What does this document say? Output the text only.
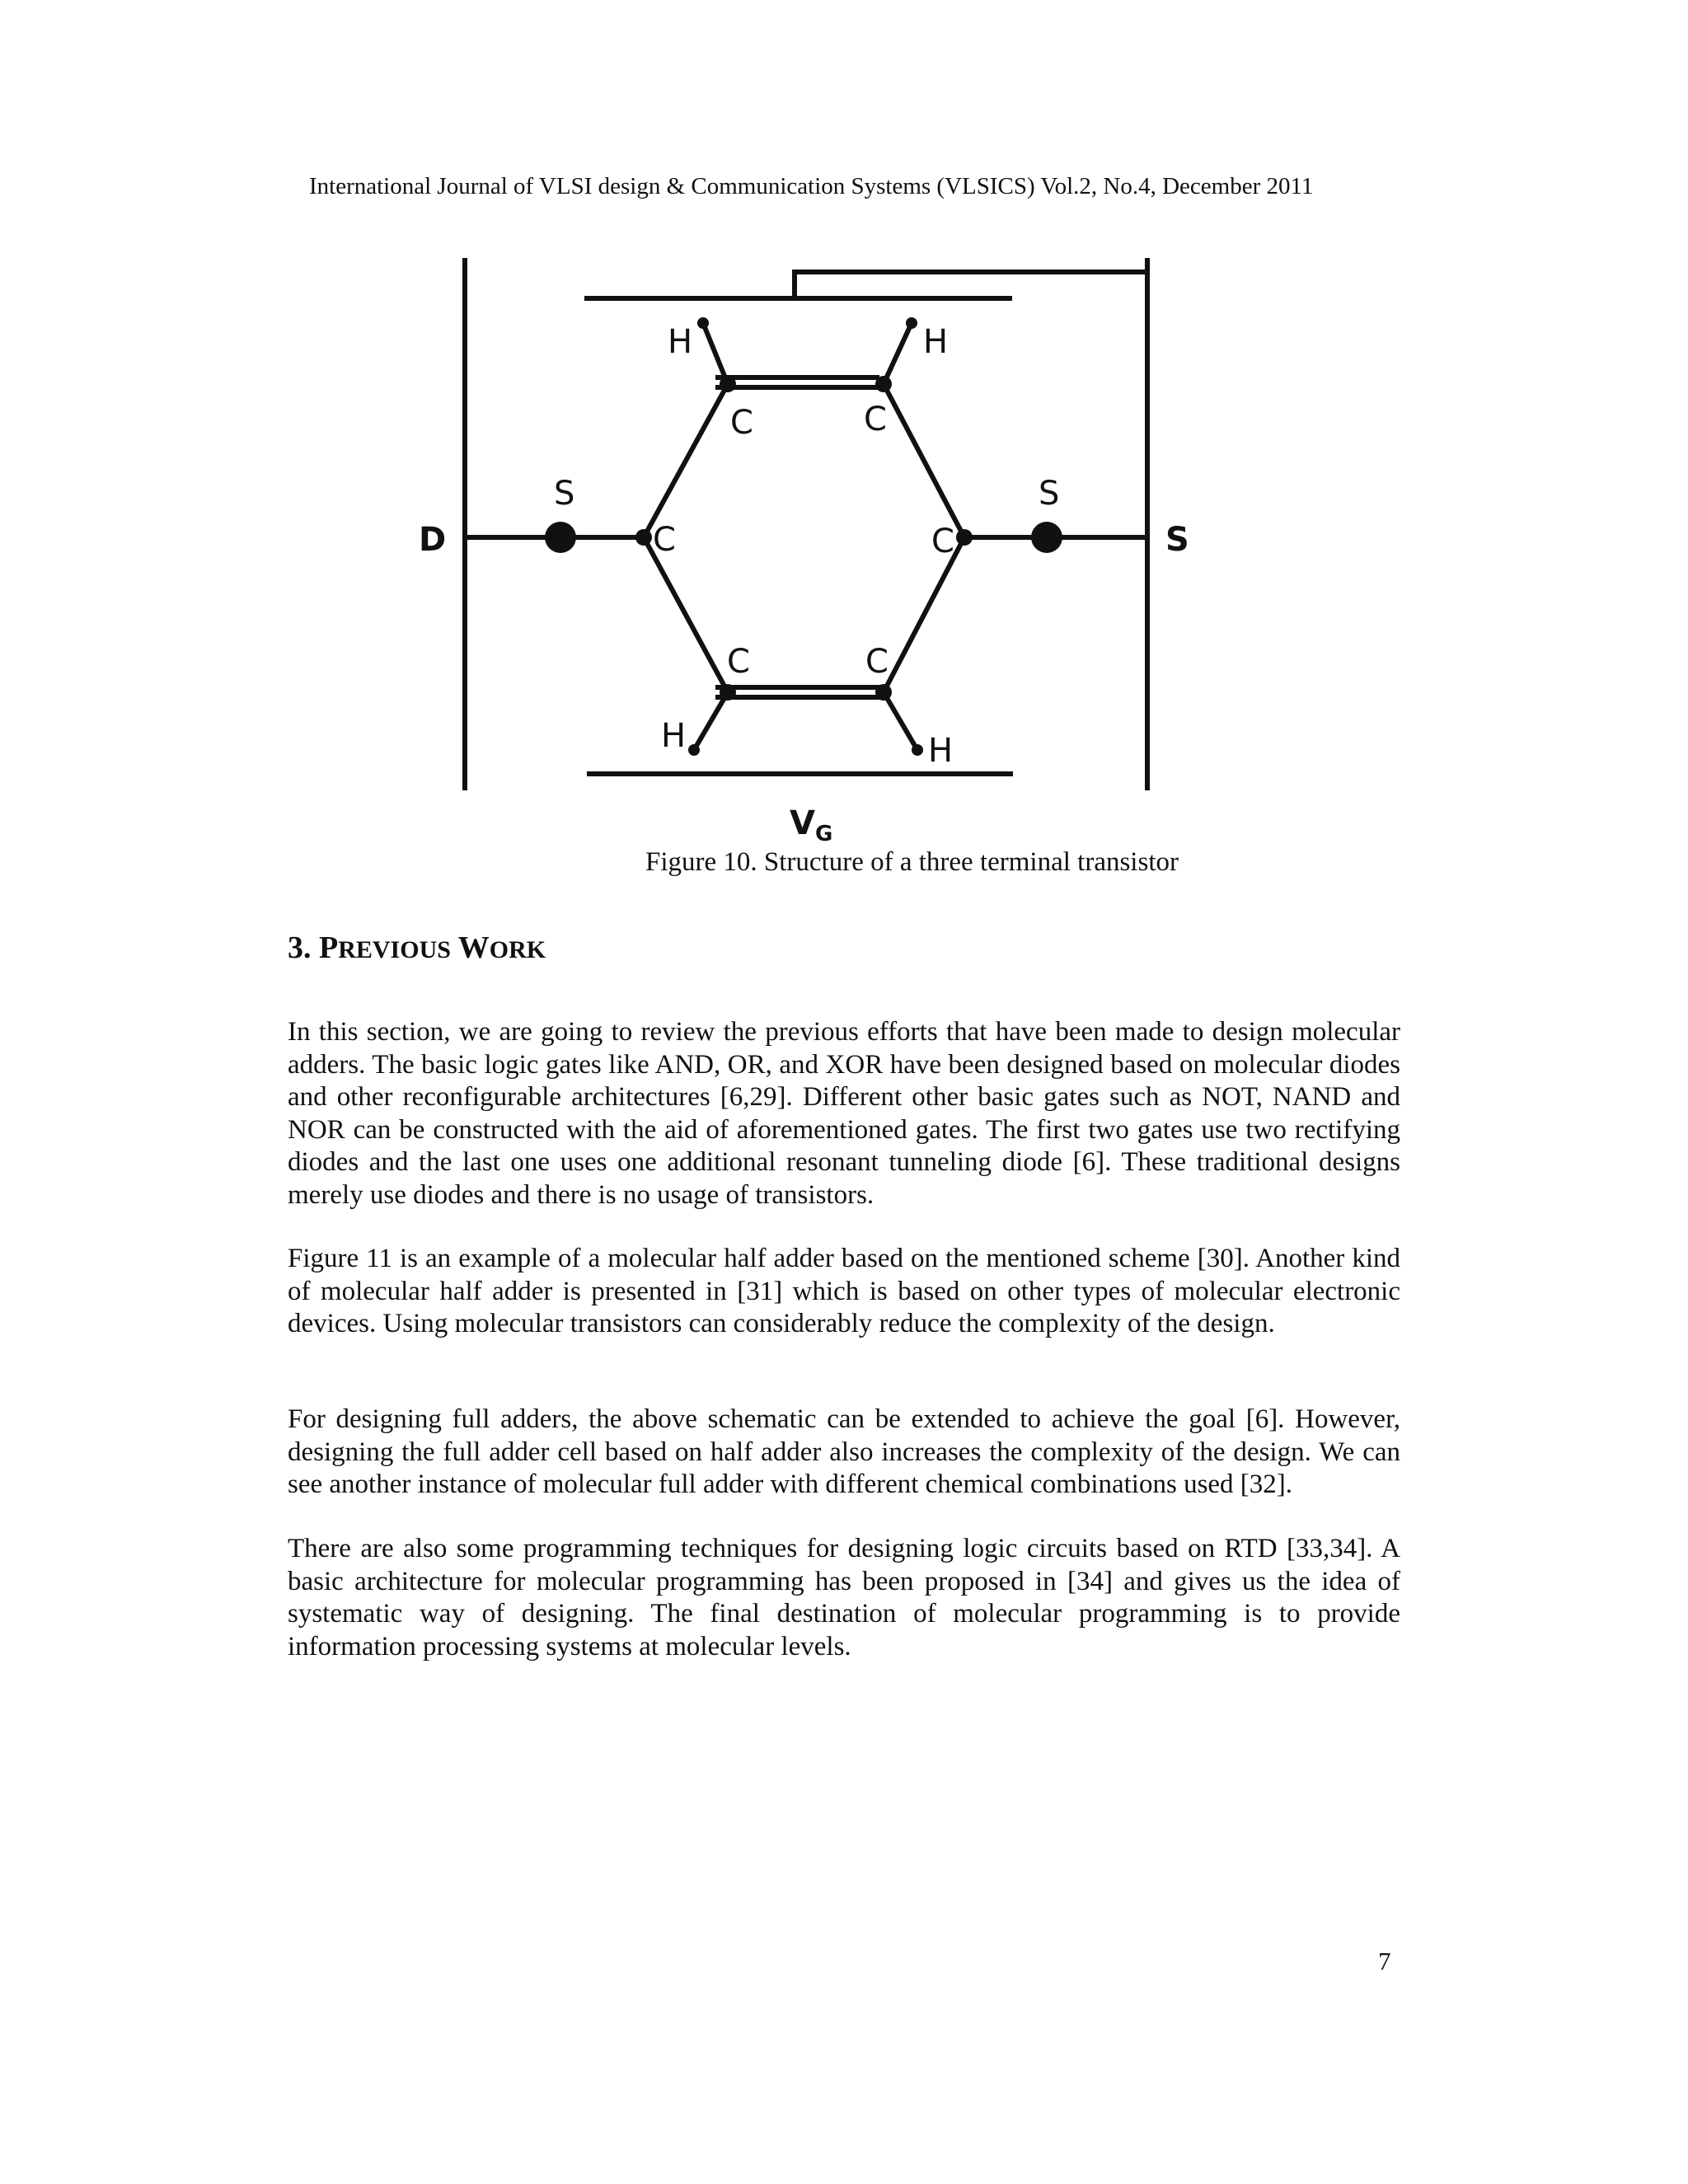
International Journal of VLSI design & Communication Systems (VLSICS) Vol.2, No.4, December 2011
D	S
S	S
C	C
C	C
C	C
H	H
H	H
$V_G$
Figure 10. Structure of a three terminal transistor
3. PREVIOUS WORK
In this section, we are going to review the previous efforts that have been made to design molecular adders. The basic logic gates like AND, OR, and XOR have been designed based on molecular diodes and other reconfigurable architectures [6,29]. Different other basic gates such as NOT, NAND and NOR can be constructed with the aid of aforementioned gates. The first two gates use two rectifying diodes and the last one uses one additional resonant tunneling diode [6]. These traditional designs merely use diodes and there is no usage of transistors.
Figure 11 is an example of a molecular half adder based on the mentioned scheme [30]. Another kind of molecular half adder is presented in [31] which is based on other types of molecular electronic devices. Using molecular transistors can considerably reduce the complexity of the design.
For designing full adders, the above schematic can be extended to achieve the goal [6]. However, designing the full adder cell based on half adder also increases the complexity of the design. We can see another instance of molecular full adder with different chemical combinations used [32].
There are also some programming techniques for designing logic circuits based on RTD [33,34]. A basic architecture for molecular programming has been proposed in [34] and gives us the idea of systematic way of designing. The final destination of molecular programming is to provide information processing systems at molecular levels.
7
